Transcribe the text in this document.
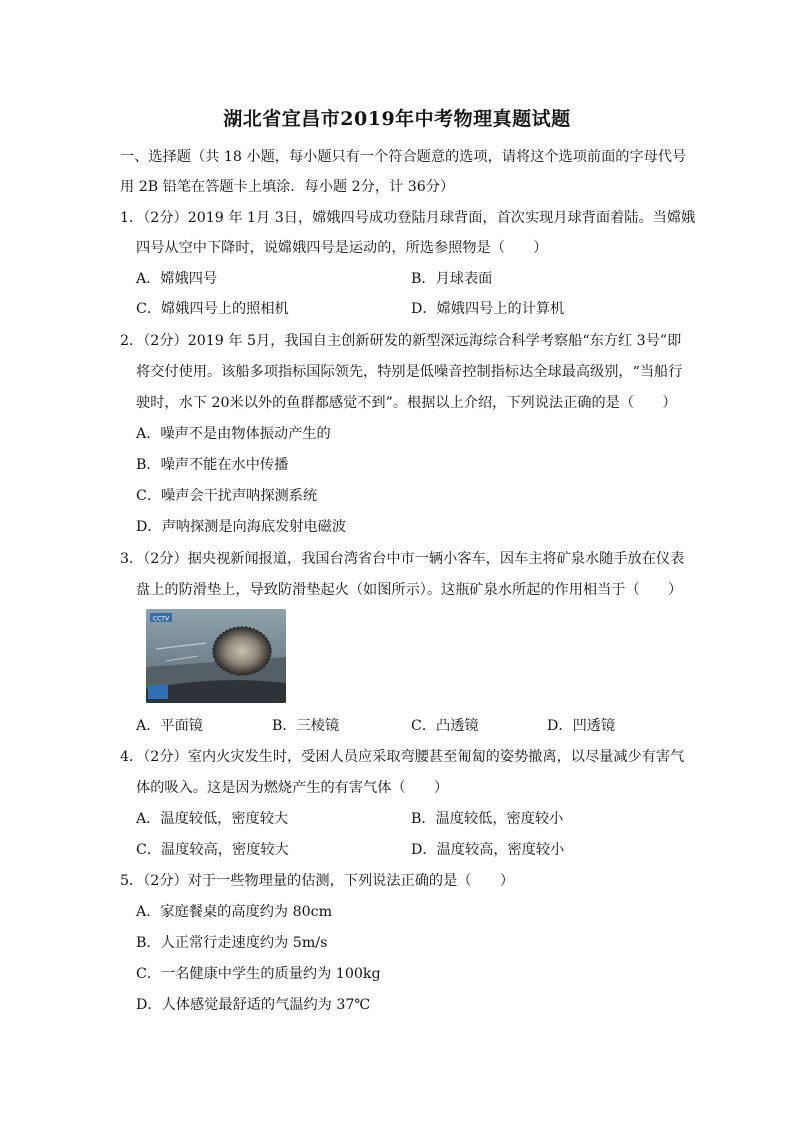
湖北省宜昌市2019年中考物理真题试题
一、选择题（共 18 小题，每小题只有一个符合题意的选项，请将这个选项前面的字母代号
用 2B 铅笔在答题卡上填涂．每小题 2分，计 36分）
1．（2分）2019 年 1月 3日，嫦娥四号成功登陆月球背面，首次实现月球背面着陆。当嫦娥
四号从空中下降时，说嫦娥四号是运动的，所选参照物是（　　）
A．嫦娥四号	B．月球表面
C．嫦娥四号上的照相机	D．嫦娥四号上的计算机
2．（2分）2019 年 5月，我国自主创新研发的新型深远海综合科学考察船“东方红 3号”即
将交付使用。该船多项指标国际领先，特别是低噪音控制指标达全球最高级别，“当船行
驶时，水下 20米以外的鱼群都感觉不到”。根据以上介绍，下列说法正确的是（　　）
A．噪声不是由物体振动产生的
B．噪声不能在水中传播
C．噪声会干扰声呐探测系统
D．声呐探测是向海底发射电磁波
3．（2分）据央视新闻报道，我国台湾省台中市一辆小客车，因车主将矿泉水随手放在仪表
盘上的防滑垫上，导致防滑垫起火（如图所示）。这瓶矿泉水所起的作用相当于（　　）
CCTV
A．平面镜	B．三棱镜	C．凸透镜	D．凹透镜
4．（2分）室内火灾发生时，受困人员应采取弯腰甚至匍匐的姿势撤离，以尽量减少有害气
体的吸入。这是因为燃烧产生的有害气体（　　）
A．温度较低，密度较大	B．温度较低，密度较小
C．温度较高，密度较大	D．温度较高，密度较小
5．（2分）对于一些物理量的估测，下列说法正确的是（　　）
A．家庭餐桌的高度约为 80cm
B．人正常行走速度约为 5m/s
C．一名健康中学生的质量约为 100kg
D．人体感觉最舒适的气温约为 37℃
